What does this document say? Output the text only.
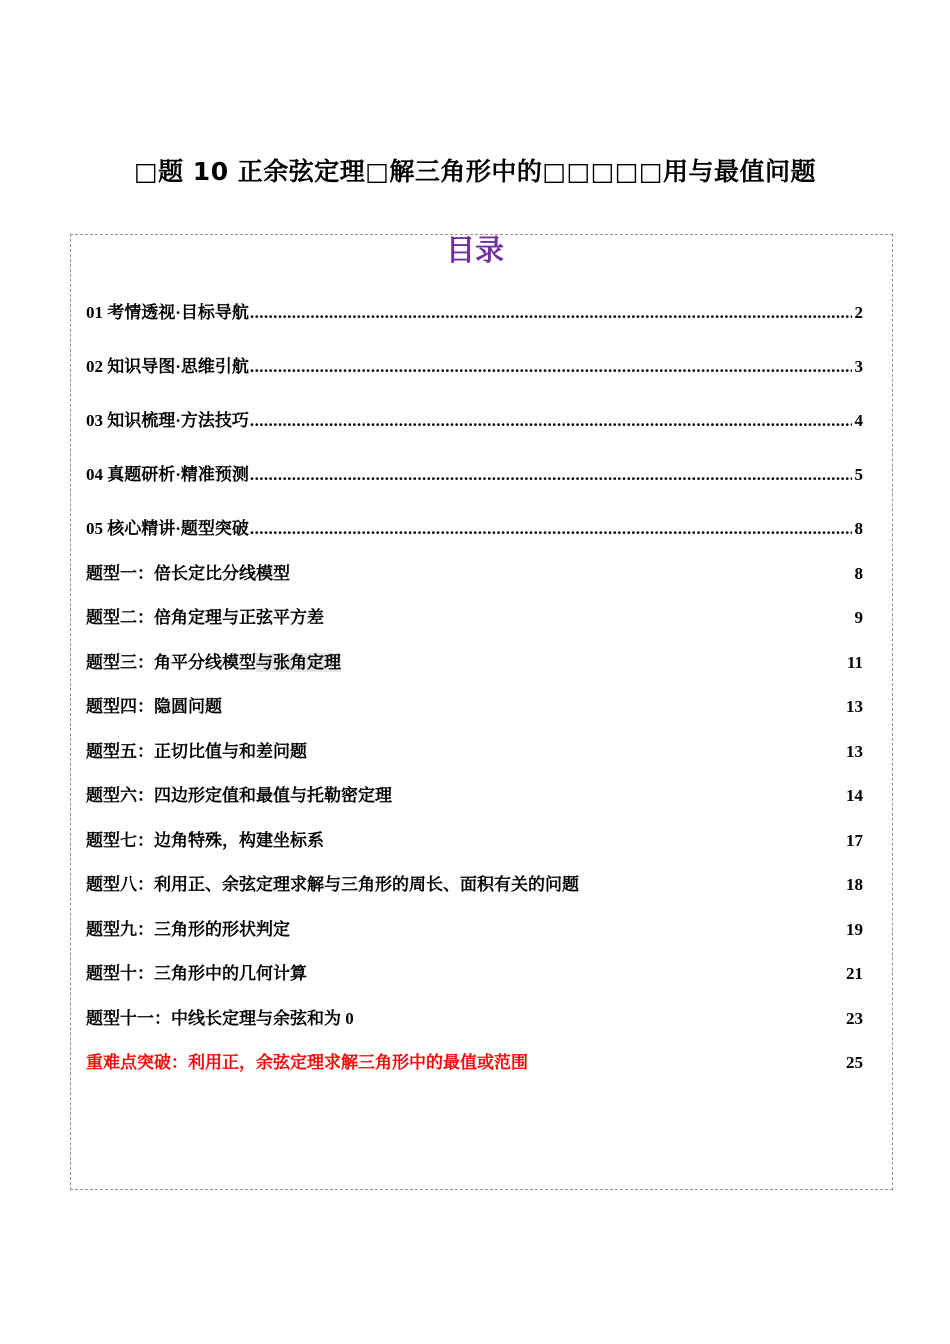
□题 10 正余弦定理□解三角形中的□□□□□用与最值问题
目录
01 考情透视·目标导航 .....	2
02 知识导图·思维引航 .....	3
03 知识梳理·方法技巧 .....	4
04 真题研析·精准预测 .....	5
05 核心精讲·题型突破 .....	8
题型一：倍长定比分线模型	8
题型二：倍角定理与正弦平方差	9
题型三：角平分线模型与张角定理	11
题型四：隐圆问题	13
题型五：正切比值与和差问题	13
题型六：四边形定值和最值与托勒密定理	14
题型七：边角特殊，构建坐标系	17
题型八：利用正、余弦定理求解与三角形的周长、面积有关的问题	18
题型九：三角形的形状判定	19
题型十：三角形中的几何计算	21
题型十一：中线长定理与余弦和为 0	23
重难点突破：利用正，余弦定理求解三角形中的最值或范围	25
